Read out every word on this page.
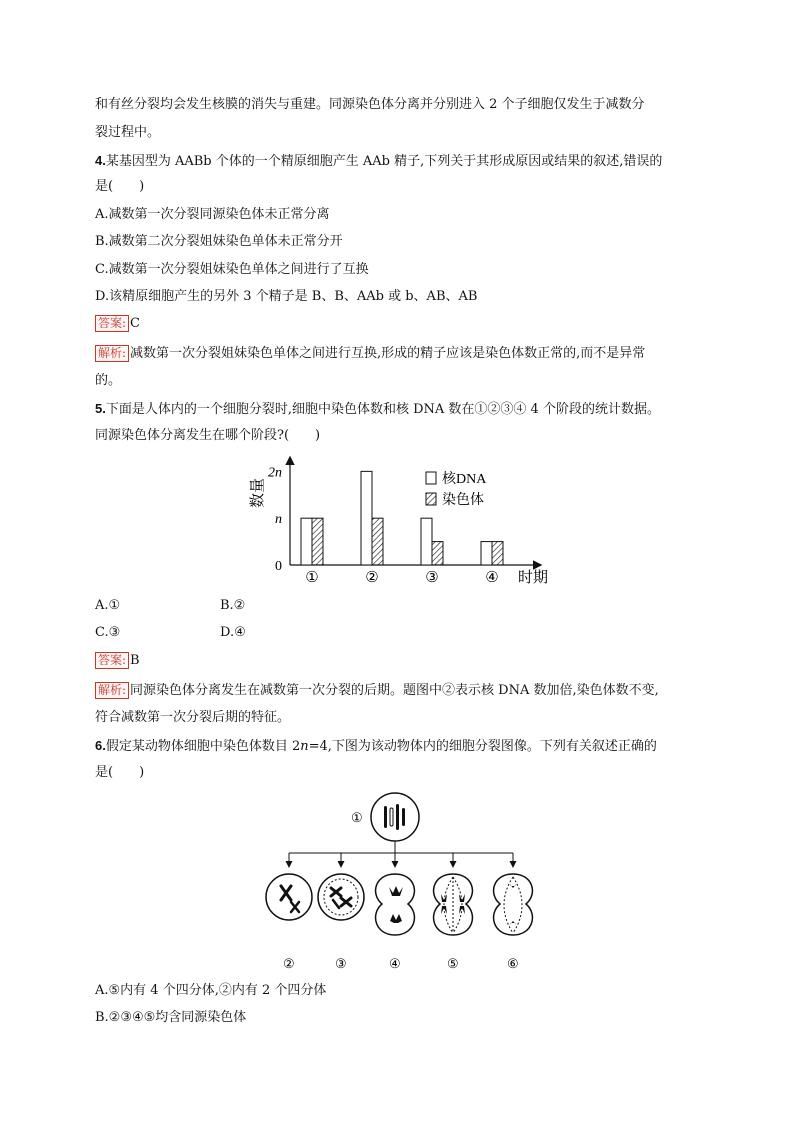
和有丝分裂均会发生核膜的消失与重建。同源染色体分离并分别进入 2 个子细胞仅发生于减数分
裂过程中。
4.某基因型为 AABb 个体的一个精原细胞产生 AAb 精子,下列关于其形成原因或结果的叙述,错误的
是(　　)
A.减数第一次分裂同源染色体未正常分离
B.减数第二次分裂姐妹染色单体未正常分开
C.减数第一次分裂姐妹染色单体之间进行了互换
D.该精原细胞产生的另外 3 个精子是 B、B、AAb 或 b、AB、AB
答案: C
解析: 减数第一次分裂姐妹染色单体之间进行互换,形成的精子应该是染色体数正常的,而不是异常
的。
5.下面是人体内的一个细胞分裂时,细胞中染色体数和核 DNA 数在①②③④ 4 个阶段的统计数据。
同源染色体分离发生在哪个阶段?(　　)
数量
时期
0
n
2n
①	②	③	④
核DNA
染色体
A.①	B.②
C.③	D.④
答案: B
解析: 同源染色体分离发生在减数第一次分裂的后期。题图中②表示核 DNA 数加倍,染色体数不变,
符合减数第一次分裂后期的特征。
6.假定某动物体细胞中染色体数目 2n=4,下图为该动物体内的细胞分裂图像。下列有关叙述正确的
是(　　)
①
②	③	④	⑤	⑥
A.⑤内有 4 个四分体,②内有 2 个四分体
B.②③④⑤均含同源染色体
